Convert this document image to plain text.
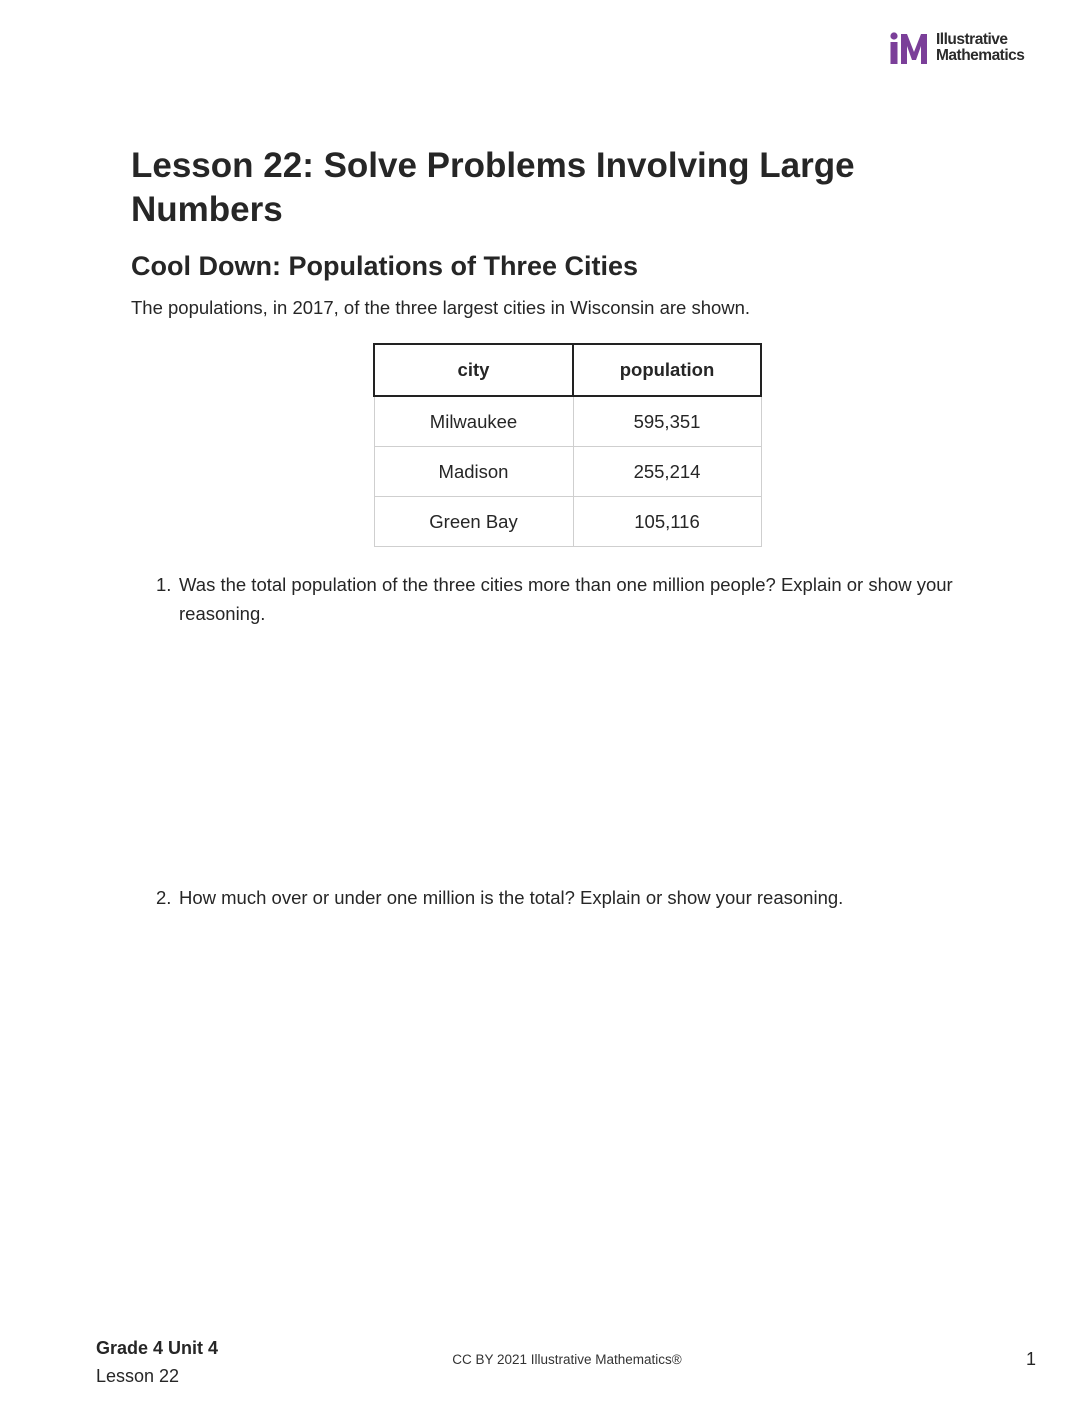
Illustrative
Mathematics
Lesson 22: Solve Problems Involving Large Numbers
Cool Down: Populations of Three Cities

The populations, in 2017, of the three largest cities in Wisconsin are shown.

city	population
Milwaukee	595,351
Madison	255,214
Green Bay	105,116
1. Was the total population of the three cities more than one million people? Explain or show your reasoning.
2. How much over or under one million is the total? Explain or show your reasoning.
Grade 4 Unit 4
Lesson 22
CC BY 2021 Illustrative Mathematics®	1
